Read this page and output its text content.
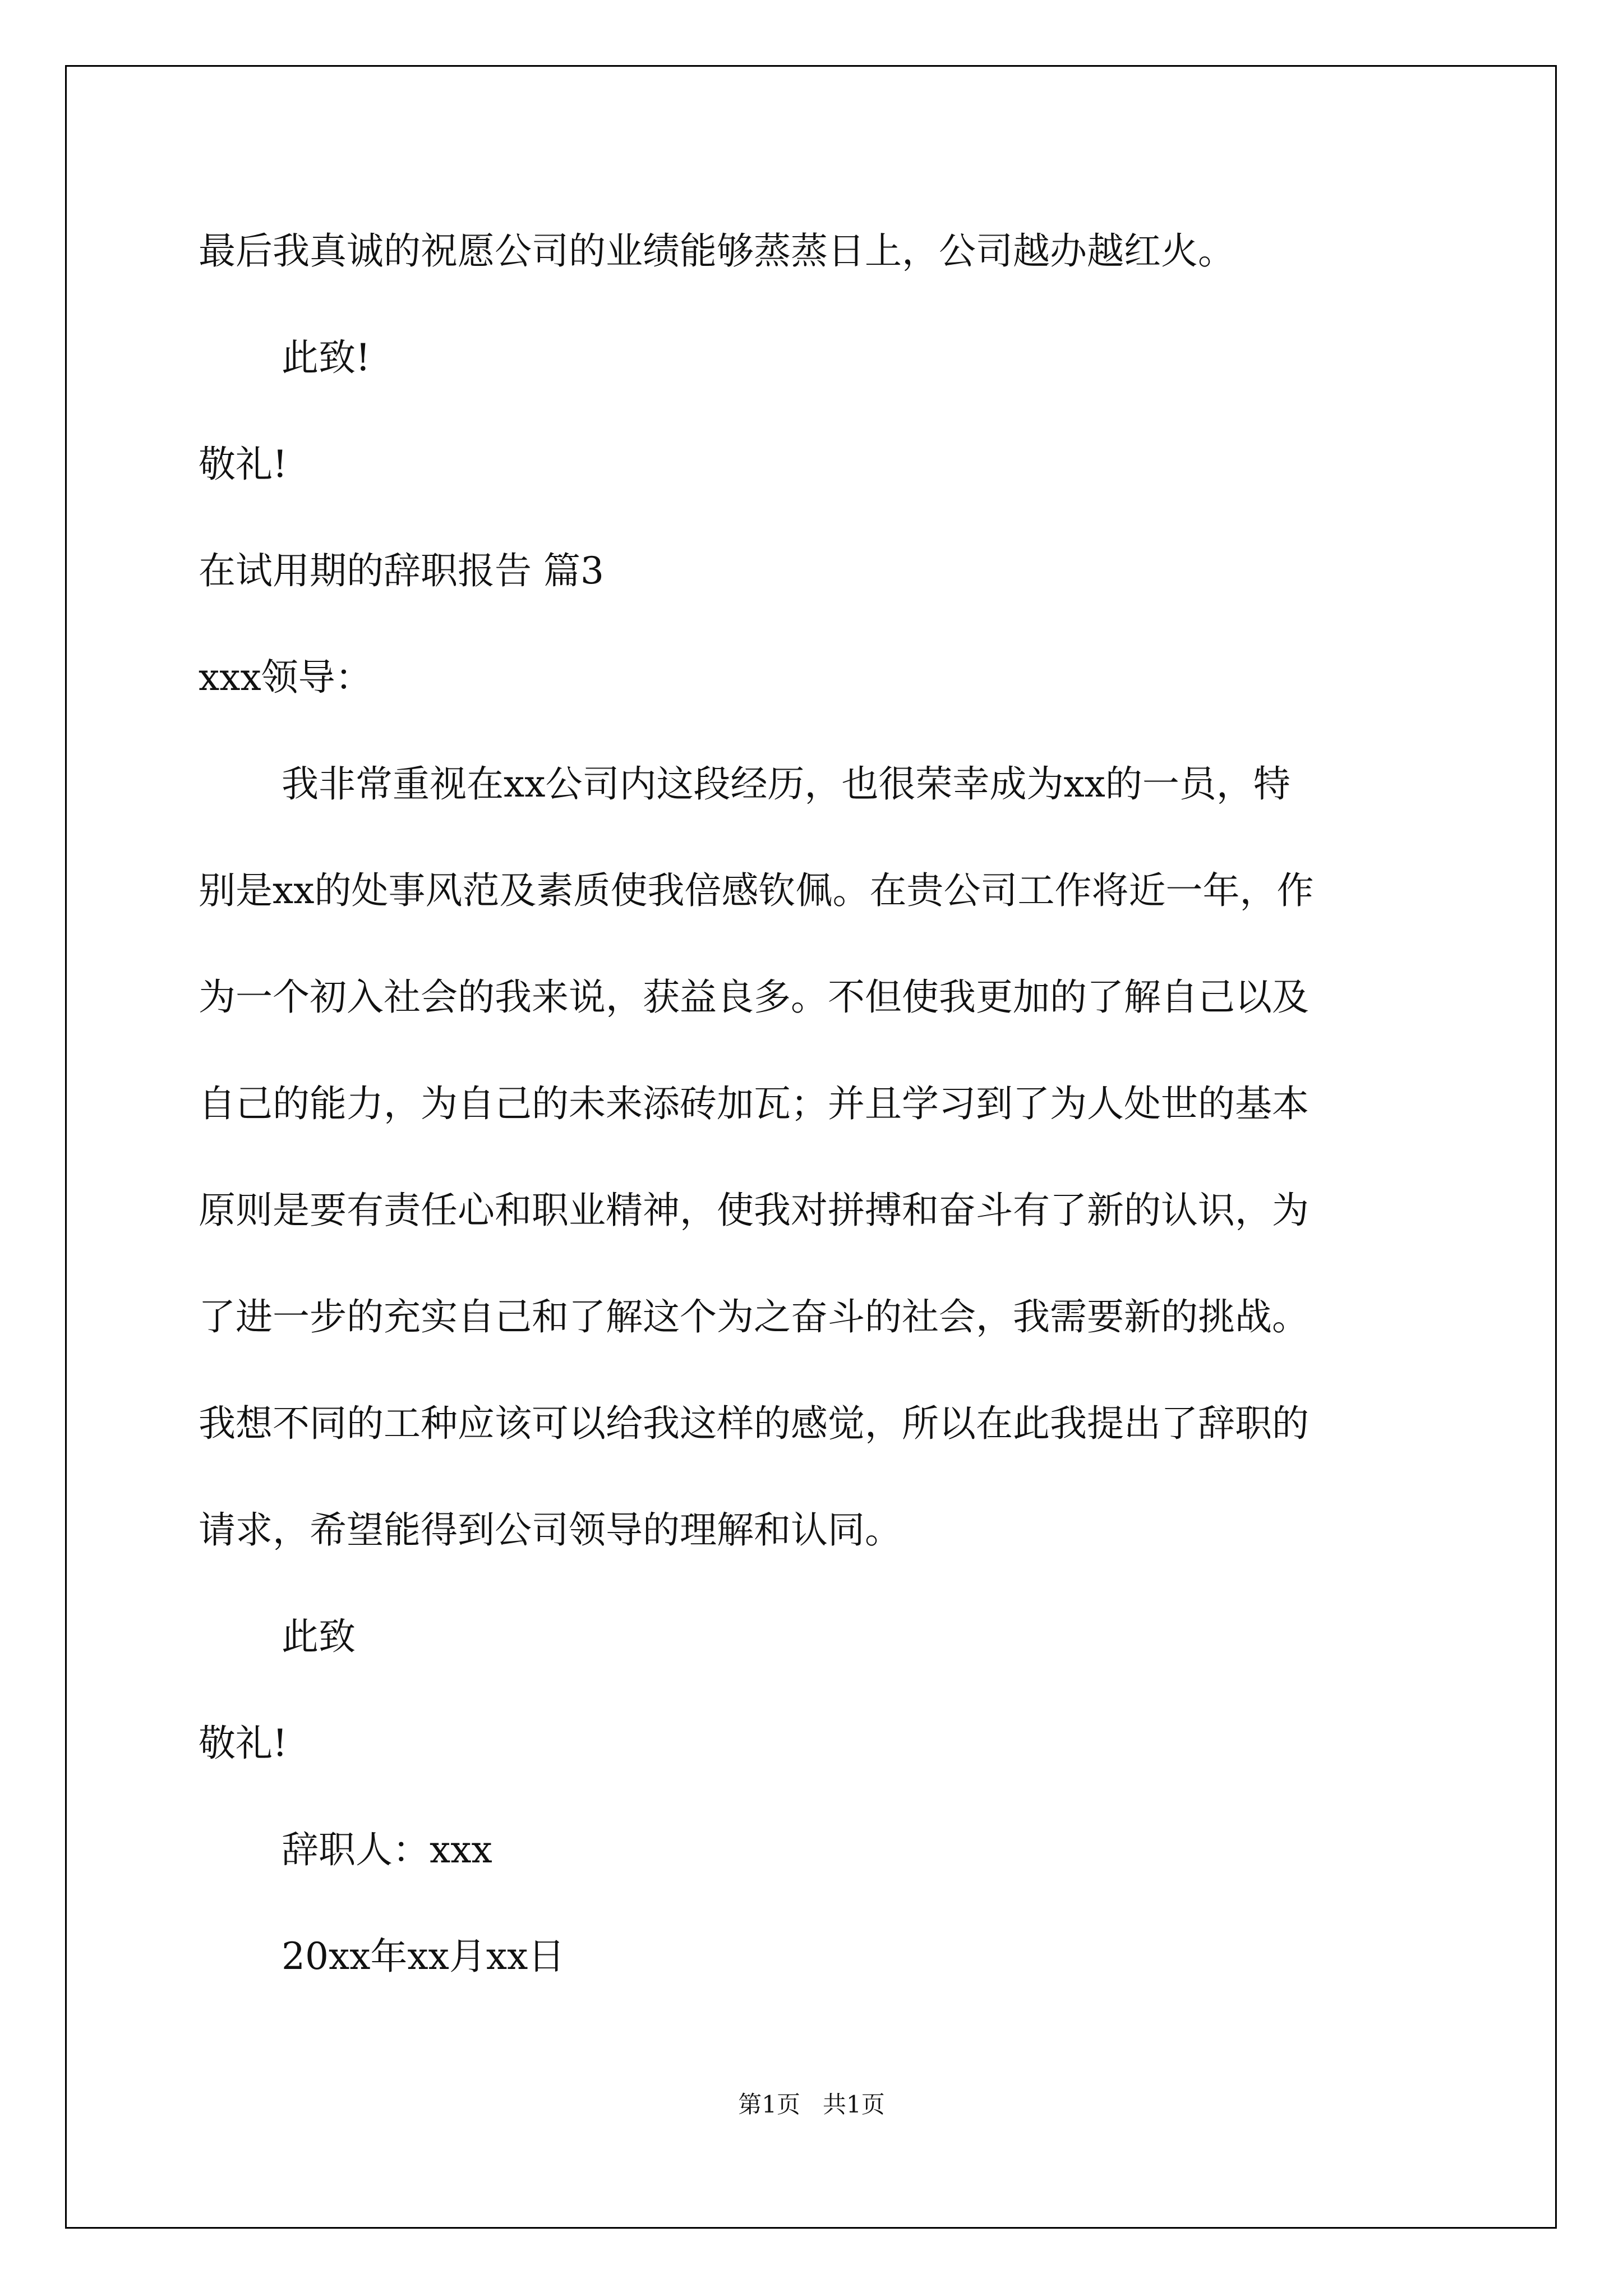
最后我真诚的祝愿公司的业绩能够蒸蒸日上，公司越办越红火。

此致!

敬礼!

在试用期的辞职报告 篇3

xxx领导：

我非常重视在xx公司内这段经历，也很荣幸成为xx的一员，特

别是xx的处事风范及素质使我倍感钦佩。在贵公司工作将近一年，作

为一个初入社会的我来说，获益良多。不但使我更加的了解自己以及

自己的能力，为自己的未来添砖加瓦；并且学习到了为人处世的基本

原则是要有责任心和职业精神，使我对拼搏和奋斗有了新的认识，为

了进一步的充实自己和了解这个为之奋斗的社会，我需要新的挑战。

我想不同的工种应该可以给我这样的感觉，所以在此我提出了辞职的

请求，希望能得到公司领导的理解和认同。

此致

敬礼!

辞职人：xxx

20xx年xx月xx日

第1页   共1页
